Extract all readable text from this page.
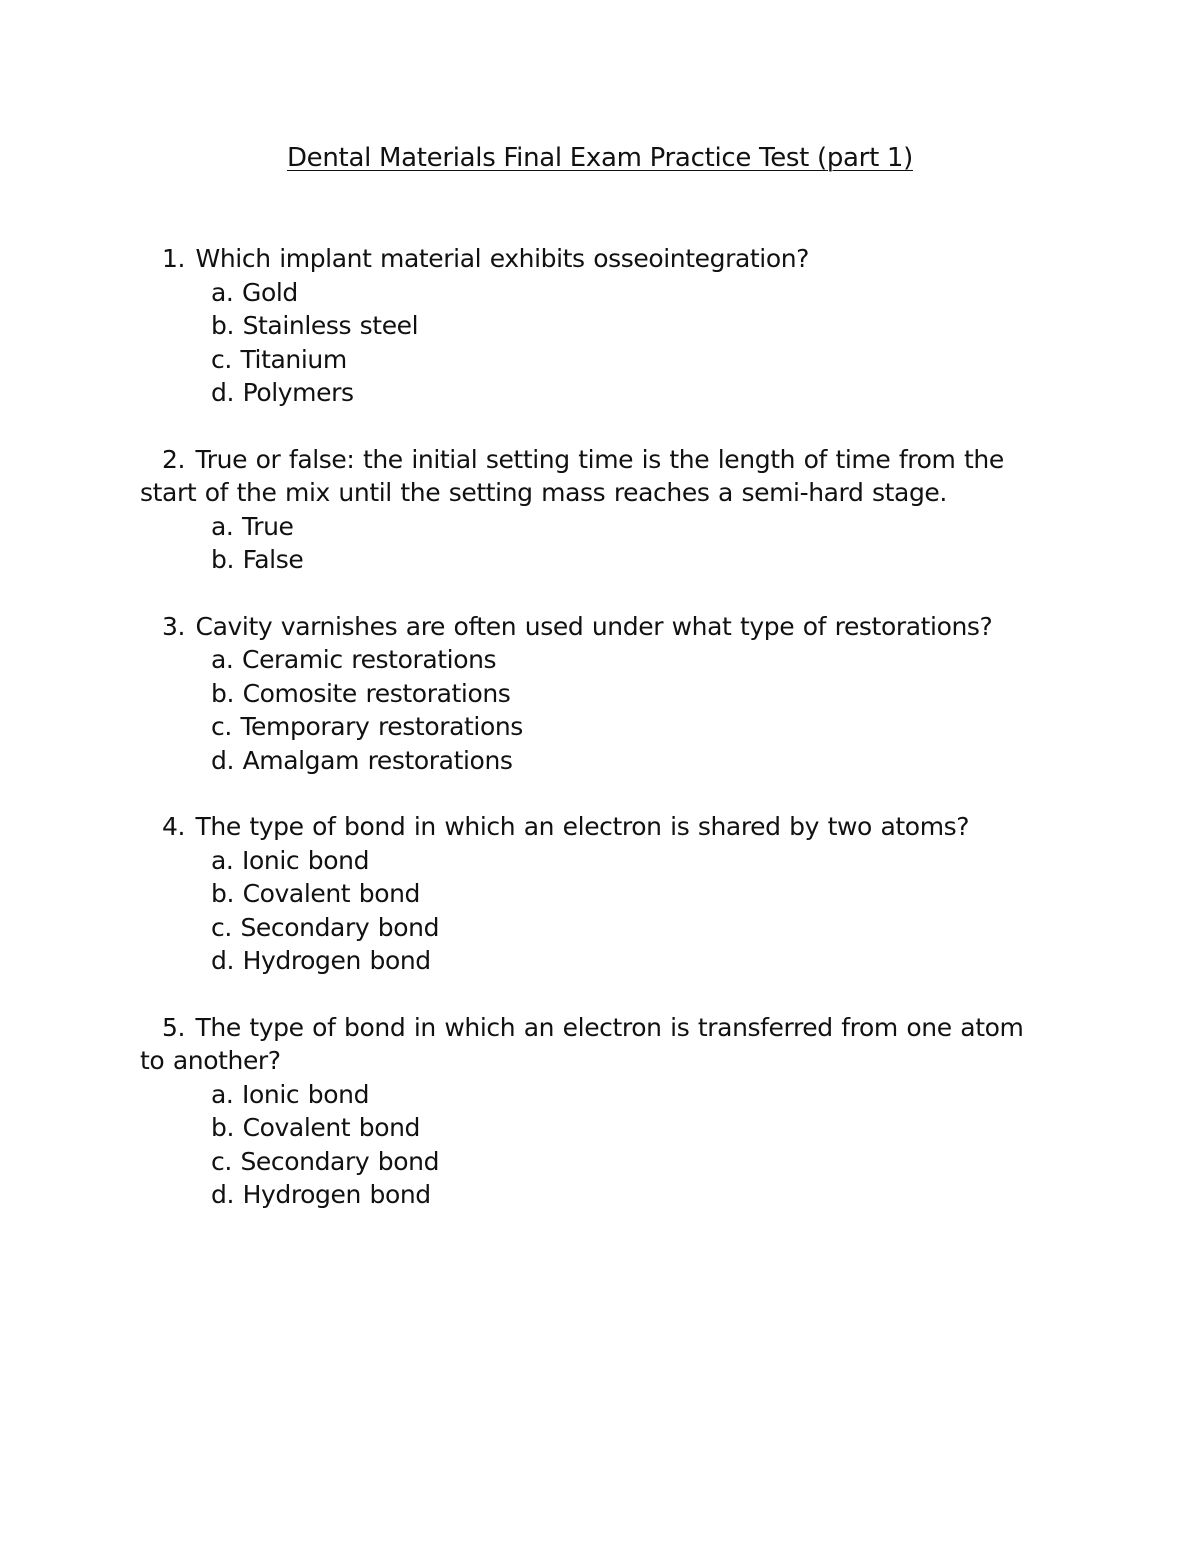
Dental Materials Final Exam Practice Test (part 1)
1. Which implant material exhibits osseointegration?
a. Gold
b. Stainless steel
c. Titanium
d. Polymers
2. True or false: the initial setting time is the length of time from the start of the mix until the setting mass reaches a semi-hard stage.
a. True
b. False
3. Cavity varnishes are often used under what type of restorations?
a. Ceramic restorations
b. Comosite restorations
c. Temporary restorations
d. Amalgam restorations
4. The type of bond in which an electron is shared by two atoms?
a. Ionic bond
b. Covalent bond
c. Secondary bond
d. Hydrogen bond
5. The type of bond in which an electron is transferred from one atom to another?
a. Ionic bond
b. Covalent bond
c. Secondary bond
d. Hydrogen bond
